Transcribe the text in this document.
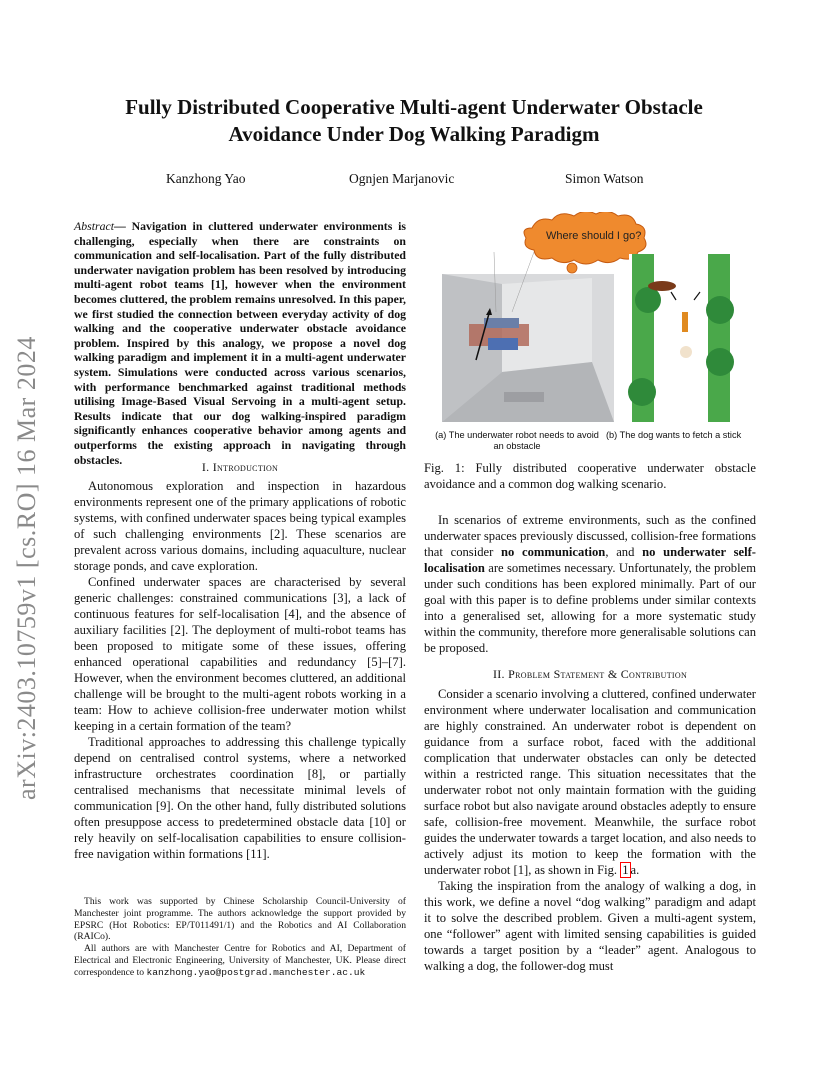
Fully Distributed Cooperative Multi-agent Underwater Obstacle
Avoidance Under Dog Walking Paradigm
Kanzhong Yao	Ognjen Marjanovic	Simon Watson
arXiv:2403.10759v1 [cs.RO] 16 Mar 2024
Abstract— Navigation in cluttered underwater environments is challenging, especially when there are constraints on communication and self-localisation. Part of the fully distributed underwater navigation problem has been resolved by introducing multi-agent robot teams [1], however when the environment becomes cluttered, the problem remains unresolved. In this paper, we first studied the connection between everyday activity of dog walking and the cooperative underwater obstacle avoidance problem. Inspired by this analogy, we propose a novel dog walking paradigm and implement it in a multi-agent underwater system. Simulations were conducted across various scenarios, with performance benchmarked against traditional methods utilising Image-Based Visual Servoing in a multi-agent setup. Results indicate that our dog walking-inspired paradigm significantly enhances cooperative behavior among agents and outperforms the existing approach in navigating through obstacles.
I. Introduction

Autonomous exploration and inspection in hazardous environments represent one of the primary applications of robotic systems, with confined underwater spaces being typical examples of such challenging environments [2]. These scenarios are prevalent across various domains, including aquaculture, nuclear storage ponds, and cave exploration.

Confined underwater spaces are characterised by several generic challenges: constrained communications [3], a lack of continuous features for self-localisation [4], and the absence of auxiliary facilities [2]. The deployment of multi-robot teams has been proposed to mitigate some of these issues, offering enhanced operational capabilities and redundancy [5]–[7]. However, when the environment becomes cluttered, an additional challenge will be brought to the multi-agent robots working in a team: How to achieve collision-free underwater motion whilst keeping in a certain formation of the team?

Traditional approaches to addressing this challenge typically depend on centralised control systems, where a networked infrastructure orchestrates coordination [8], or partially centralised mechanisms that necessitate minimal levels of communication [9]. On the other hand, fully distributed solutions often presuppose access to predetermined obstacle data [10] or rely heavily on self-localisation capabilities to ensure collision-free navigation within formations [11].

This work was supported by Chinese Scholarship Council-University of Manchester joint programme. The authors acknowledge the support provided by EPSRC (Hot Robotics: EP/T011491/1) and the Robotics and AI Collaboration (RAICo).
All authors are with Manchester Centre for Robotics and AI, Department of Electrical and Electronic Engineering, University of Manchester, UK. Please direct correspondence to kanzhong.yao@postgrad.manchester.ac.uk
Where should I go?
(a) The underwater robot needs to avoid an obstacle
(b) The dog wants to fetch a stick
Fig. 1: Fully distributed cooperative underwater obstacle avoidance and a common dog walking scenario.

In scenarios of extreme environments, such as the confined underwater spaces previously discussed, collision-free formations that consider no communication, and no underwater self-localisation are sometimes necessary. Unfortunately, the problem under such conditions has been explored minimally. Part of our goal with this paper is to define problems under similar contexts into a generalised set, allowing for a more systematic study within the community, therefore more generalisable solutions can be proposed.

II. Problem Statement & Contribution

Consider a scenario involving a cluttered, confined underwater environment where underwater localisation and communication are highly constrained. An underwater robot is dependent on guidance from a surface robot, faced with the additional complication that underwater obstacles can only be detected within a restricted range. This situation necessitates that the underwater robot not only maintain formation with the guiding surface robot but also navigate around obstacles adeptly to ensure safe, collision-free movement. Meanwhile, the surface robot guides the underwater towards a target location, and also needs to actively adjust its motion to keep the formation with the underwater robot [1], as shown in Fig. 1 a.

Taking the inspiration from the analogy of walking a dog, in this work, we define a novel “dog walking” paradigm and adapt it to solve the described problem. Given a multi-agent system, one “follower” agent with limited sensing capabilities is guided towards a target position by a “leader” agent. Analogous to walking a dog, the follower-dog must
